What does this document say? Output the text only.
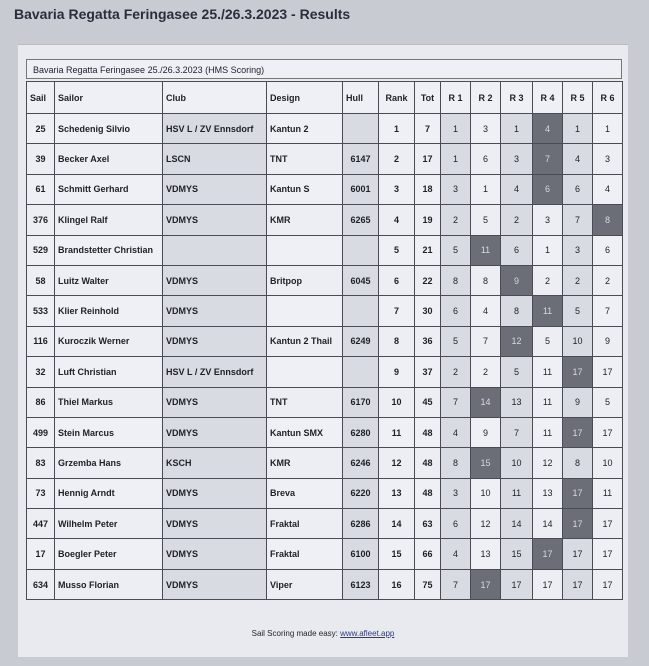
Bavaria Regatta Feringasee 25./26.3.2023 - Results
Bavaria Regatta Feringasee 25./26.3.2023 (HMS Scoring)
Sail	Sailor	Club	Design	Hull	Rank	Tot	R 1	R 2	R 3	R 4	R 5	R 6
25	Schedenig Silvio	HSV L / ZV Ennsdorf	Kantun 2		1	7	1	3	1	4	1	1
39	Becker Axel	LSCN	TNT	6147	2	17	1	6	3	7	4	3
61	Schmitt Gerhard	VDMYS	Kantun S	6001	3	18	3	1	4	6	6	4
376	Klingel Ralf	VDMYS	KMR	6265	4	19	2	5	2	3	7	8
529	Brandstetter Christian				5	21	5	11	6	1	3	6
58	Luitz Walter	VDMYS	Britpop	6045	6	22	8	8	9	2	2	2
533	Klier Reinhold	VDMYS			7	30	6	4	8	11	5	7
116	Kuroczik Werner	VDMYS	Kantun 2 Thail	6249	8	36	5	7	12	5	10	9
32	Luft Christian	HSV L / ZV Ennsdorf			9	37	2	2	5	11	17	17
86	Thiel Markus	VDMYS	TNT	6170	10	45	7	14	13	11	9	5
499	Stein Marcus	VDMYS	Kantun SMX	6280	11	48	4	9	7	11	17	17
83	Grzemba Hans	KSCH	KMR	6246	12	48	8	15	10	12	8	10
73	Hennig Arndt	VDMYS	Breva	6220	13	48	3	10	11	13	17	11
447	Wilhelm Peter	VDMYS	Fraktal	6286	14	63	6	12	14	14	17	17
17	Boegler Peter	VDMYS	Fraktal	6100	15	66	4	13	15	17	17	17
634	Musso Florian	VDMYS	Viper	6123	16	75	7	17	17	17	17	17
Sail Scoring made easy: www.afleet.app
